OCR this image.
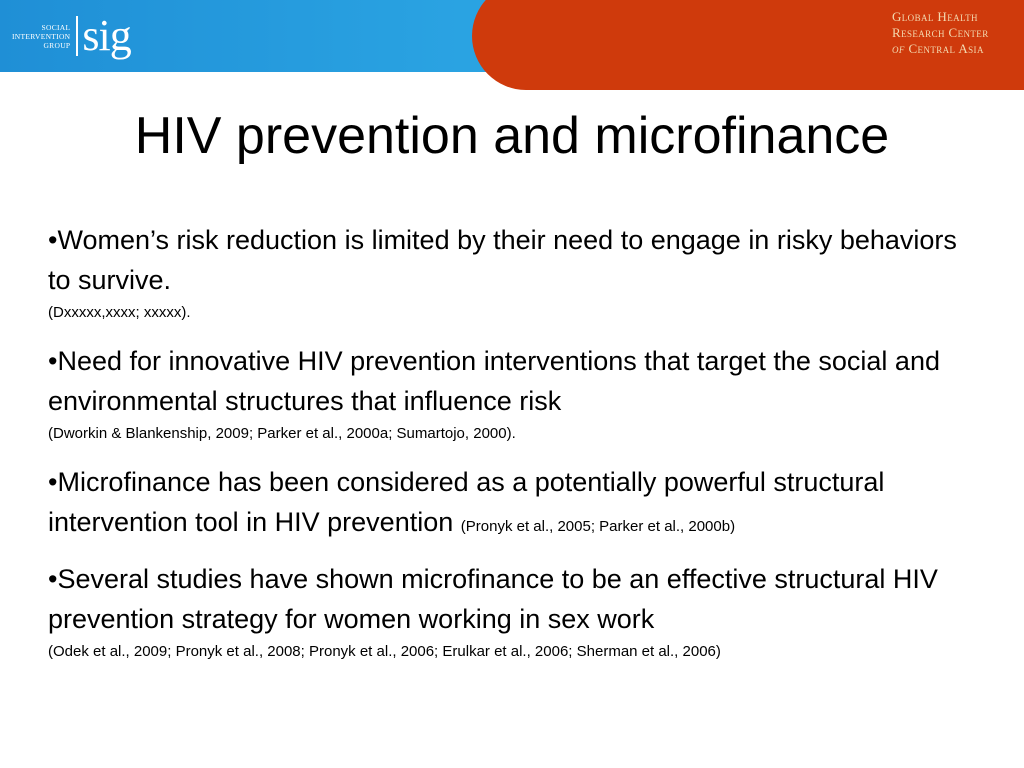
SOCIAL
INTERVENTION
GROUP sig	Global Health
Research Center
of Central Asia
HIV prevention and microfinance
•Women’s risk reduction is limited by their need to engage in risky behaviors to survive.
(Dxxxxx,xxxx; xxxxx).
•Need for innovative HIV prevention interventions that target the social and environmental structures that influence risk
(Dworkin & Blankenship, 2009; Parker et al., 2000a; Sumartojo, 2000).
•Microfinance has been considered as a potentially powerful structural intervention tool in HIV prevention (Pronyk et al., 2005; Parker et al., 2000b)
•Several studies have shown microfinance to be an effective structural HIV prevention strategy for women working in sex work
(Odek et al., 2009; Pronyk et al., 2008; Pronyk et al., 2006; Erulkar et al., 2006; Sherman et al., 2006)
